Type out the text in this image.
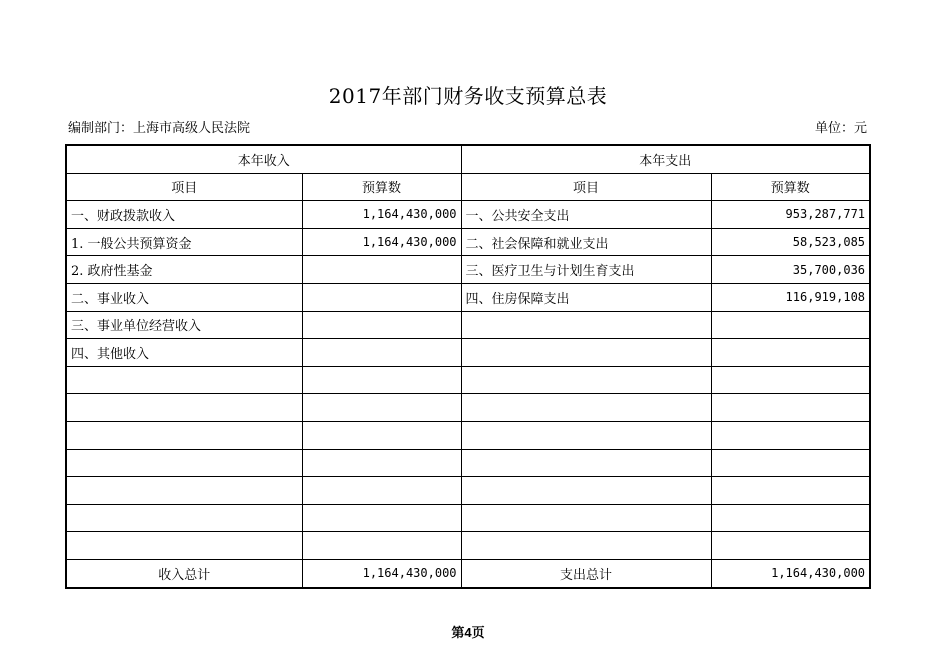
2017年部门财务收支预算总表
编制部门：上海市高级人民法院	单位：元
本年收入		本年支出	
项目	预算数	项目	预算数
一、财政拨款收入	1,164,430,000	一、公共安全支出	953,287,771
1. 一般公共预算资金	1,164,430,000	二、社会保障和就业支出	58,523,085
2. 政府性基金		三、医疗卫生与计划生育支出	35,700,036
二、事业收入		四、住房保障支出	116,919,108
三、事业单位经营收入			
四、其他收入			

收入总计	1,164,430,000	支出总计	1,164,430,000
第4页
